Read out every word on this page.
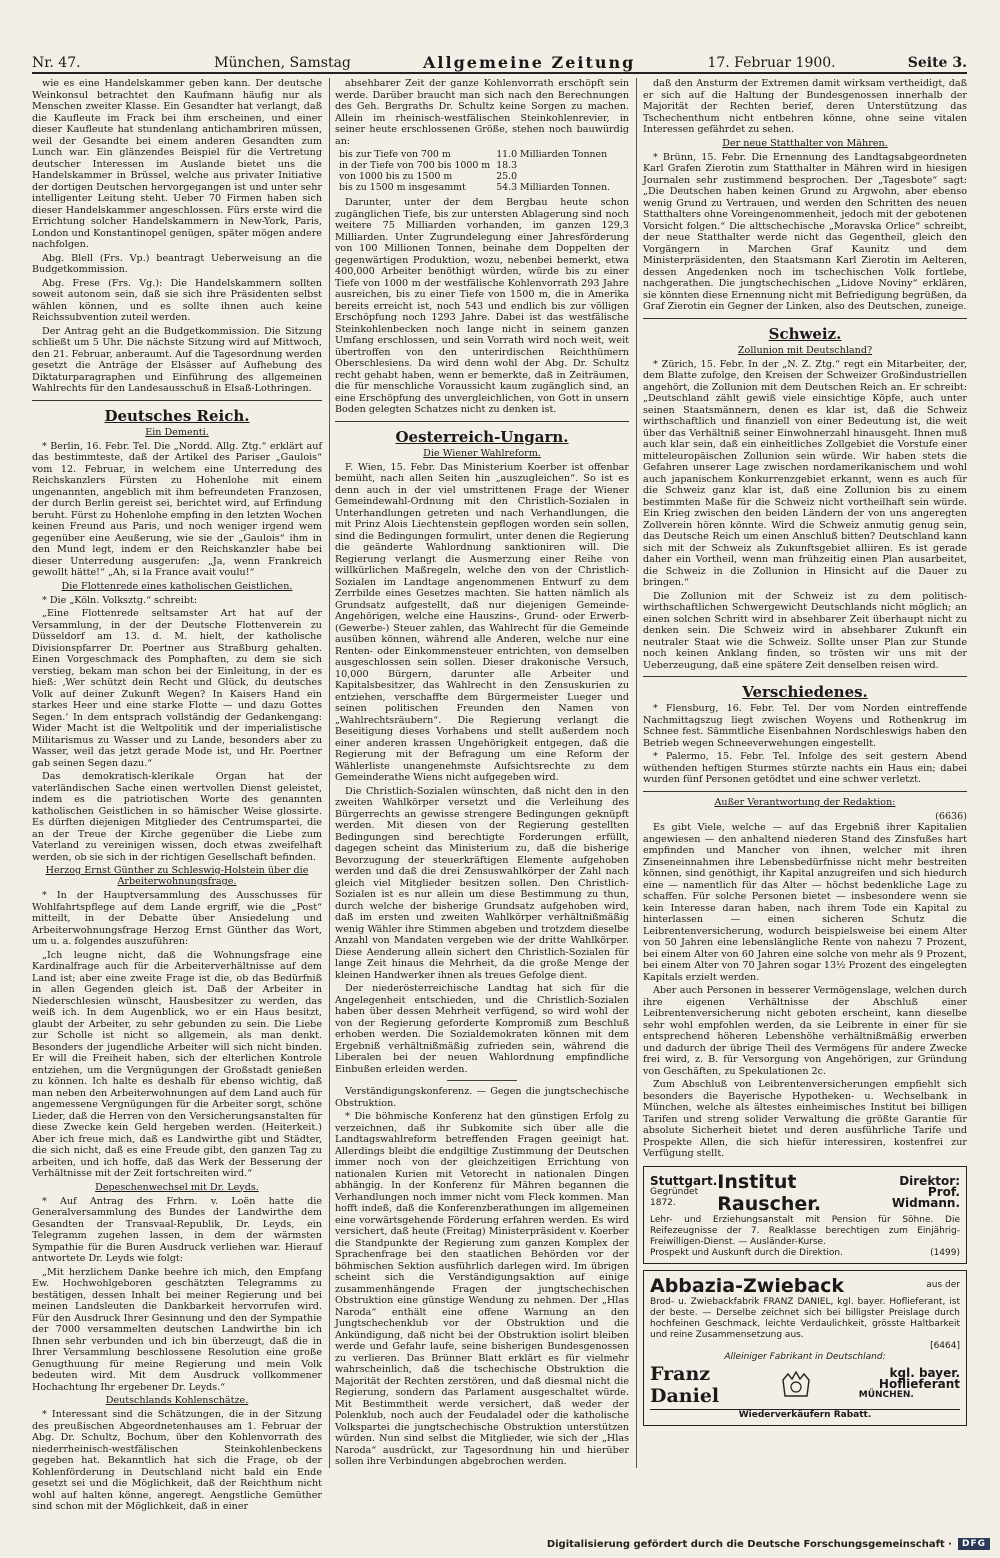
Nr. 47.	München, Samstag	Allgemeine Zeitung	17. Februar 1900.	Seite 3.

wie es eine Handelskammer geben kann. Der deutsche Weinkonsul betrachtet den Kaufmann häufig nur als Menschen zweiter Klasse. Ein Gesandter hat verlangt, daß die Kaufleute im Frack bei ihm erscheinen, und einer dieser Kaufleute hat stundenlang antichambriren müssen, weil der Gesandte bei einem anderen Gesandten zum Lunch war. Ein glänzendes Beispiel für die Vertretung deutscher Interessen im Auslande bietet uns die Handelskammer in Brüssel, welche aus privater Initiative der dortigen Deutschen hervorgegangen ist und unter sehr intelligenter Leitung steht. Ueber 70 Firmen haben sich dieser Handelskammer angeschlossen. Fürs erste wird die Errichtung solcher Handelskammern in New-York, Paris, London und Konstantinopel genügen, später mögen andere nachfolgen.

Abg. Blell (Frs. Vp.) beantragt Ueberweisung an die Budgetkommission.

Abg. Frese (Frs. Vg.): Die Handelskammern sollten soweit autonom sein, daß sie sich ihre Präsidenten selbst wählen können, und es sollte ihnen auch keine Reichssubvention zuteil werden.

Der Antrag geht an die Budgetkommission. Die Sitzung schließt um 5 Uhr. Die nächste Sitzung wird auf Mittwoch, den 21. Februar, anberaumt. Auf die Tagesordnung werden gesetzt die Anträge der Elsässer auf Aufhebung des Diktaturparagraphen und Einführung des allgemeinen Wahlrechts für den Landesausschuß in Elsaß-Lothringen.

Deutsches Reich.
Ein Dementi.

* Berlin, 16. Febr. Tel. Die „Nordd. Allg. Ztg.“ erklärt auf das bestimmteste, daß der Artikel des Pariser „Gaulois“ vom 12. Februar, in welchem eine Unterredung des Reichskanzlers Fürsten zu Hohenlohe mit einem ungenannten, angeblich mit ihm befreundeten Franzosen, der durch Berlin gereist sei, berichtet wird, auf Erfindung beruht. Fürst zu Hohenlohe empfing in den letzten Wochen keinen Freund aus Paris, und noch weniger irgend wem gegenüber eine Aeußerung, wie sie der „Gaulois“ ihm in den Mund legt, indem er den Reichskanzler habe bei dieser Unterredung ausgerufen: „Ja, wenn Frankreich gewollt hätte!“ „Ah, si la France avait voulu!“

Die Flottenrede eines katholischen Geistlichen.

* Die „Köln. Volksztg.“ schreibt:

„Eine Flottenrede seltsamster Art hat auf der Versammlung, in der der Deutsche Flottenverein zu Düsseldorf am 13. d. M. hielt, der katholische Divisionspfarrer Dr. Poertner aus Straßburg gehalten. Einen Vorgeschmack des Pomphaften, zu dem sie sich verstieg, bekam man schon bei der Einleitung, in der es hieß: ‚Wer schützt dein Recht und Glück, du deutsches Volk auf deiner Zukunft Wegen? In Kaisers Hand ein starkes Heer und eine starke Flotte — und dazu Gottes Segen.‘ In dem entsprach vollständig der Gedankengang: Wider Macht ist die Weltpolitik und der imperialistische Militarismus zu Wasser und zu Lande, besonders aber zu Wasser, weil das jetzt gerade Mode ist, und Hr. Poertner gab seinen Segen dazu.“

Das demokratisch-klerikale Organ hat der vaterländischen Sache einen wertvollen Dienst geleistet, indem es die patriotischen Worte des genannten katholischen Geistlichen in so hämischer Weise glossirte. Es dürften diejenigen Mitglieder des Centrumspartei, die an der Treue der Kirche gegenüber die Liebe zum Vaterland zu vereinigen wissen, doch etwas zweifelhaft werden, ob sie sich in der richtigen Gesellschaft befinden.

Herzog Ernst Günther zu Schleswig-Holstein über die Arbeiterwohnungsfrage.

* In der Hauptversammlung des Ausschusses für Wohlfahrtspflege auf dem Lande ergriff, wie die „Post“ mitteilt, in der Debatte über Ansiedelung und Arbeiterwohnungsfrage Herzog Ernst Günther das Wort, um u. a. folgendes auszuführen:

„Ich leugne nicht, daß die Wohnungsfrage eine Kardinalfrage auch für die Arbeiterverhältnisse auf dem Land ist; aber eine zweite Frage ist die, ob das Bedürfniß in allen Gegenden gleich ist. Daß der Arbeiter in Niederschlesien wünscht, Hausbesitzer zu werden, das weiß ich. In dem Augenblick, wo er ein Haus besitzt, glaubt der Arbeiter, zu sehr gebunden zu sein. Die Liebe zur Scholle ist nicht so allgemein, als man denkt. Besonders der jugendliche Arbeiter will sich nicht binden. Er will die Freiheit haben, sich der elterlichen Kontrole entziehen, um die Vergnügungen der Großstadt genießen zu können. Ich halte es deshalb für ebenso wichtig, daß man neben den Arbeiterwohnungen auf dem Land auch für angemessene Vergnügungen für die Arbeiter sorgt, schöne Lieder, daß die Herren von den Versicherungsanstalten für diese Zwecke kein Geld hergeben werden. (Heiterkeit.) Aber ich freue mich, daß es Landwirthe gibt und Städter, die sich nicht, daß es eine Freude gibt, den ganzen Tag zu arbeiten, und ich hoffe, daß das Werk der Besserung der Verhältnisse mit der Zeit fortschreiten wird.“

Depeschenwechsel mit Dr. Leyds.

* Auf Antrag des Frhrn. v. Loën hatte die Generalversammlung des Bundes der Landwirthe dem Gesandten der Transvaal-Republik, Dr. Leyds, ein Telegramm zugehen lassen, in dem der wärmsten Sympathie für die Buren Ausdruck verliehen war. Hierauf antwortete Dr. Leyds wie folgt:

„Mit herzlichem Danke beehre ich mich, den Empfang Ew. Hochwohlgeboren geschätzten Telegramms zu bestätigen, dessen Inhalt bei meiner Regierung und bei meinen Landsleuten die Dankbarkeit hervorrufen wird. Für den Ausdruck Ihrer Gesinnung und den der Sympathie der 7000 versammelten deutschen Landwirthe bin ich Ihnen sehr verbunden und ich bin überzeugt, daß die in Ihrer Versammlung beschlossene Resolution eine große Genugthuung für meine Regierung und mein Volk bedeuten wird. Mit dem Ausdruck vollkommener Hochachtung Ihr ergebener Dr. Leyds.“

Deutschlands Kohlenschätze.

* Interessant sind die Schätzungen, die in der Sitzung des preußischen Abgeordnetenhauses am 1. Februar der Abg. Dr. Schultz, Bochum, über den Kohlenvorrath des niederrheinisch-westfälischen Steinkohlenbeckens gegeben hat. Bekanntlich hat sich die Frage, ob der Kohlenförderung in Deutschland nicht bald ein Ende gesetzt sei und die Möglichkeit, daß der Reichthum nicht wohl auf halten könne, angeregt. Aengstliche Gemüther sind schon mit der Möglichkeit, daß in einer

absehbarer Zeit der ganze Kohlenvorrath erschöpft sein werde. Darüber braucht man sich nach den Berechnungen des Geh. Bergraths Dr. Schultz keine Sorgen zu machen. Allein im rheinisch-westfälischen Steinkohlenrevier, in seiner heute erschlossenen Größe, stehen noch bauwürdig an:

bis zur Tiefe von 700 m	11.0 Milliarden Tonnen
in der Tiefe von 700 bis 1000 m	18.3
von 1000 bis zu 1500 m	25.0
bis zu 1500 m insgesammt	54.3 Milliarden Tonnen.

Darunter, unter der dem Bergbau heute schon zugänglichen Tiefe, bis zur untersten Ablagerung sind noch weitere 75 Milliarden vorhanden, im ganzen 129,3 Milliarden. Unter Zugrundelegung einer Jahresförderung von 100 Millionen Tonnen, beinahe dem Doppelten der gegenwärtigen Produktion, wozu, nebenbei bemerkt, etwa 400,000 Arbeiter benöthigt würden, würde bis zu einer Tiefe von 1000 m der westfälische Kohlenvorrath 293 Jahre ausreichen, bis zu einer Tiefe von 1500 m, die in Amerika bereits erreicht ist, noch 543 und endlich bis zur völligen Erschöpfung noch 1293 Jahre. Dabei ist das westfälische Steinkohlenbecken noch lange nicht in seinem ganzen Umfang erschlossen, und sein Vorrath wird noch weit, weit übertroffen von den unterirdischen Reichthümern Oberschlesiens. Da wird denn wohl der Abg. Dr. Schultz recht gehabt haben, wenn er bemerkte, daß in Zeiträumen, die für menschliche Voraussicht kaum zugänglich sind, an eine Erschöpfung des unvergleichlichen, von Gott in unsern Boden gelegten Schatzes nicht zu denken ist.

Oesterreich-Ungarn.
Die Wiener Wahlreform.

F. Wien, 15. Febr. Das Ministerium Koerber ist offenbar bemüht, nach allen Seiten hin „auszugleichen“. So ist es denn auch in der viel umstrittenen Frage der Wiener Gemeindewahl-Ordnung mit den Christlich-Sozialen in Unterhandlungen getreten und nach Verhandlungen, die mit Prinz Alois Liechtenstein gepflogen worden sein sollen, sind die Bedingungen formulirt, unter denen die Regierung die geänderte Wahlordnung sanktioniren will. Die Regierung verlangt die Ausmerzung einer Reihe von willkürlichen Maßregeln, welche den von der Christlich-Sozialen im Landtage angenommenen Entwurf zu dem Zerrbilde eines Gesetzes machten. Sie hatten nämlich als Grundsatz aufgestellt, daß nur diejenigen Gemeinde-Angehörigen, welche eine Hauszins-, Grund- oder Erwerb- (Gewerbe-) Steuer zahlen, das Wahlrecht für die Gemeinde ausüben können, während alle Anderen, welche nur eine Renten- oder Einkommensteuer entrichten, von demselben ausgeschlossen sein sollen. Dieser drakonische Versuch, 10,000 Bürgern, darunter alle Arbeiter und Kapitalsbesitzer, das Wahlrecht in den Zensuskurien zu entziehen, verschaffte dem Bürgermeister Lueger und seinen politischen Freunden den Namen von „Wahlrechtsräubern“. Die Regierung verlangt die Beseitigung dieses Vorhabens und stellt außerdem noch einer anderen krassen Ungehörigkeit entgegen, daß die Regierung mit der Befragung um eine Reform der Wählerliste unangenehmste Aufsichtsrechte zu dem Gemeinderathe Wiens nicht aufgegeben wird.

Die Christlich-Sozialen wünschten, daß nicht den in den zweiten Wahlkörper versetzt und die Verleihung des Bürgerrechts an gewisse strengere Bedingungen geknüpft werden. Mit diesen von der Regierung gestellten Bedingungen sind berechtigte Forderungen erfüllt, dagegen scheint das Ministerium zu, daß die bisherige Bevorzugung der steuerkräftigen Elemente aufgehoben werden und daß die drei Zensuswahlkörper der Zahl nach gleich viel Mitglieder besitzen sollen. Den Christlich-Sozialen ist es nur allein um diese Bestimmung zu thun, durch welche der bisherige Grundsatz aufgehoben wird, daß im ersten und zweiten Wahlkörper verhältnißmäßig wenig Wähler ihre Stimmen abgeben und trotzdem dieselbe Anzahl von Mandaten vergeben wie der dritte Wahlkörper. Diese Aenderung allein sichert den Christlich-Sozialen für lange Zeit hinaus die Mehrheit, da die große Menge der kleinen Handwerker ihnen als treues Gefolge dient.

Der niederösterreichische Landtag hat sich für die Angelegenheit entschieden, und die Christlich-Sozialen haben über dessen Mehrheit verfügend, so wird wohl der von der Regierung geforderte Kompromiß zum Beschluß erhoben werden. Die Sozialdemokraten können mit dem Ergebniß verhältnißmäßig zufrieden sein, während die Liberalen bei der neuen Wahlordnung empfindliche Einbußen erleiden werden.

Verständigungskonferenz. — Gegen die jungtschechische Obstruktion.

* Die böhmische Konferenz hat den günstigen Erfolg zu verzeichnen, daß ihr Subkomite sich über alle die Landtagswahlreform betreffenden Fragen geeinigt hat. Allerdings bleibt die endgiltige Zustimmung der Deutschen immer noch von der gleichzeitigen Errichtung von nationalen Kurien mit Vetorecht in nationalen Dingen abhängig. In der Konferenz für Mähren begannen die Verhandlungen noch immer nicht vom Fleck kommen. Man hofft indeß, daß die Konferenzberathungen im allgemeinen eine vorwärtsgehende Förderung erfahren werden. Es wird versichert, daß heute (Freitag) Ministerpräsident v. Koerber die Standpunkte der Regierung zum ganzen Komplex der Sprachenfrage bei den staatlichen Behörden vor der böhmischen Sektion ausführlich darlegen wird. Im übrigen scheint sich die Verständigungsaktion auf einige zusammenhängende Fragen der jungtschechischen Obstruktion eine günstige Wendung zu nehmen. Der „Hlas Naroda“ enthält eine offene Warnung an den Jungtschechenklub vor der Obstruktion und die Ankündigung, daß nicht bei der Obstruktion isolirt bleiben werde und Gefahr laufe, seine bisherigen Bundesgenossen zu verlieren. Das Brünner Blatt erklärt es für vielmehr wahrscheinlich, daß die tschechische Obstruktion die Majorität der Rechten zerstören, und daß diesmal nicht die Regierung, sondern das Parlament ausgeschaltet würde. Mit Bestimmtheit werde versichert, daß weder der Polenklub, noch auch der Feudaladel oder die katholische Volkspartei die jungtschechische Obstruktion unterstützen würden. Nun sind selbst die Mitglieder, wie sich der „Hlas Naroda“ ausdrückt, zur Tagesordnung hin und hierüber sollen ihre Verbindungen abgebrochen werden.

daß den Ansturm der Extremen damit wirksam vertheidigt, daß er sich auf die Haltung der Bundesgenossen innerhalb der Majorität der Rechten berief, deren Unterstützung das Tschechenthum nicht entbehren könne, ohne seine vitalen Interessen gefährdet zu sehen.

Der neue Statthalter von Mähren.

* Brünn, 15. Febr. Die Ernennung des Landtagsabgeordneten Karl Grafen Zierotin zum Statthalter in Mähren wird in hiesigen Journalen sehr zustimmend besprochen. Der „Tagesbote“ sagt: „Die Deutschen haben keinen Grund zu Argwohn, aber ebenso wenig Grund zu Vertrauen, und werden den Schritten des neuen Statthalters ohne Voreingenommenheit, jedoch mit der gebotenen Vorsicht folgen.“ Die alttschechische „Moravska Orlice“ schreibt, der neue Statthalter werde nicht das Gegentheil, gleich den Vorgängern in Marchen Graf Kaunitz und dem Ministerpräsidenten, den Staatsmann Karl Zierotin im Aelteren, dessen Angedenken noch im tschechischen Volk fortlebe, nachgerathen. Die jungtschechischen „Lidove Noviny“ erklären, sie könnten diese Ernennung nicht mit Befriedigung begrüßen, da Graf Zierotin ein Gegner der Linken, also des Deutschen, zuneige.

Schweiz.
Zollunion mit Deutschland?

* Zürich, 15. Febr. In der „N. Z. Ztg.“ regt ein Mitarbeiter, der, dem Blatte zufolge, den Kreisen der Schweizer Großindustriellen angehört, die Zollunion mit dem Deutschen Reich an. Er schreibt: „Deutschland zählt gewiß viele einsichtige Köpfe, auch unter seinen Staatsmännern, denen es klar ist, daß die Schweiz wirthschaftlich und finanziell von einer Bedeutung ist, die weit über das Verhältniß seiner Einwohnerzahl hinausgeht. Ihnen muß auch klar sein, daß ein einheitliches Zollgebiet die Vorstufe einer mitteleuropäischen Zollunion sein würde. Wir haben stets die Gefahren unserer Lage zwischen nordamerikanischem und wohl auch japanischem Konkurrenzgebiet erkannt, wenn es auch für die Schweiz ganz klar ist, daß eine Zollunion bis zu einem bestimmten Maße für die Schweiz nicht vortheilhaft sein würde. Ein Krieg zwischen den beiden Ländern der von uns angeregten Zollverein hören könnte. Wird die Schweiz anmutig genug sein, das Deutsche Reich um einen Anschluß bitten? Deutschland kann sich mit der Schweiz als Zukunftsgebiet alliiren. Es ist gerade daher ein Vortheil, wenn man frühzeitig einen Plan ausarbeitet, die Schweiz in die Zollunion in Hinsicht auf die Dauer zu bringen.“

Die Zollunion mit der Schweiz ist zu dem politisch-wirthschaftlichen Schwergewicht Deutschlands nicht möglich; an einen solchen Schritt wird in absehbarer Zeit überhaupt nicht zu denken sein. Die Schweiz wird in absehbarer Zukunft ein neutraler Staat wie die Schweiz. Sollte unser Plan zur Stunde noch keinen Anklang finden, so trösten wir uns mit der Ueberzeugung, daß eine spätere Zeit denselben reisen wird.

Verschiedenes.

* Flensburg, 16. Febr. Tel. Der vom Norden eintreffende Nachmittagszug liegt zwischen Woyens und Rothenkrug im Schnee fest. Sämmtliche Eisenbahnen Nordschleswigs haben den Betrieb wegen Schneeverwehungen eingestellt.

* Palermo, 15. Febr. Tel. Infolge des seit gestern Abend wüthenden heftigen Sturmes stürzte nachts ein Haus ein; dabei wurden fünf Personen getödtet und eine schwer verletzt.

Außer Verantwortung der Redaktion:
(6636)

Es gibt Viele, welche — auf das Ergebniß ihrer Kapitalien angewiesen — den anhaltend niederen Stand des Zinsfußes hart empfinden und Mancher von ihnen, welcher mit ihren Zinseneinnahmen ihre Lebensbedürfnisse nicht mehr bestreiten können, sind genöthigt, ihr Kapital anzugreifen und sich hiedurch eine — namentlich für das Alter — höchst bedenkliche Lage zu schaffen. Für solche Personen bietet — insbesondere wenn sie kein Interesse daran haben, nach ihrem Tode ein Kapital zu hinterlassen — einen sicheren Schutz die Leibrentenversicherung, wodurch beispielsweise bei einem Alter von 50 Jahren eine lebenslängliche Rente von nahezu 7 Prozent, bei einem Alter von 60 Jahren eine solche von mehr als 9 Prozent, bei einem Alter von 70 Jahren sogar 13½ Prozent des eingelegten Kapitals erzielt werden.

Aber auch Personen in besserer Vermögenslage, welchen durch ihre eigenen Verhältnisse der Abschluß einer Leibrentenversicherung nicht geboten erscheint, kann dieselbe sehr wohl empfohlen werden, da sie Leibrente in einer für sie entsprechend höheren Lebenshöhe verhältnißmäßig erwerben und dadurch der übrige Theil des Vermögens für andere Zwecke frei wird, z. B. für Versorgung von Angehörigen, zur Gründung von Geschäften, zu Spekulationen 2c.

Zum Abschluß von Leibrentenversicherungen empfiehlt sich besonders die Bayerische Hypotheken- u. Wechselbank in München, welche als ältestes einheimisches Institut bei billigen Tarifen und streng solider Verwaltung die größte Garantie für absolute Sicherheit bietet und deren ausführliche Tarife und Prospekte Allen, die sich hiefür interessiren, kostenfrei zur Verfügung stellt.

Stuttgart.
Gegründet 1872.
Institut Rauscher.
Direktor:
Prof. Widmann.
Lehr- und Erziehungsanstalt mit Pension für Söhne. Die Reifezeugnisse der 7. Realklasse berechtigen zum Einjährig-Freiwilligen-Dienst. — Ausländer-Kurse.
Prospekt und Auskunft durch die Direktion.	(1499)
Abbazia-Zwieback	aus der
Brod- u. Zwiebackfabrik FRANZ DANIEL, kgl. bayer. Hoflieferant, ist der beste. — Derselbe zeichnet sich bei billigster Preislage durch hochfeinen Geschmack, leichte Verdaulichkeit, grösste Haltbarkeit und reine Zusammensetzung aus.
[6464]
Alleiniger Fabrikant in Deutschland:
Franz Daniel
kgl. bayer. Hoflieferant
MÜNCHEN.
Wiederverkäufern Rabatt.
Digitalisierung gefördert durch die Deutsche Forschungsgemeinschaft ·	DFG
